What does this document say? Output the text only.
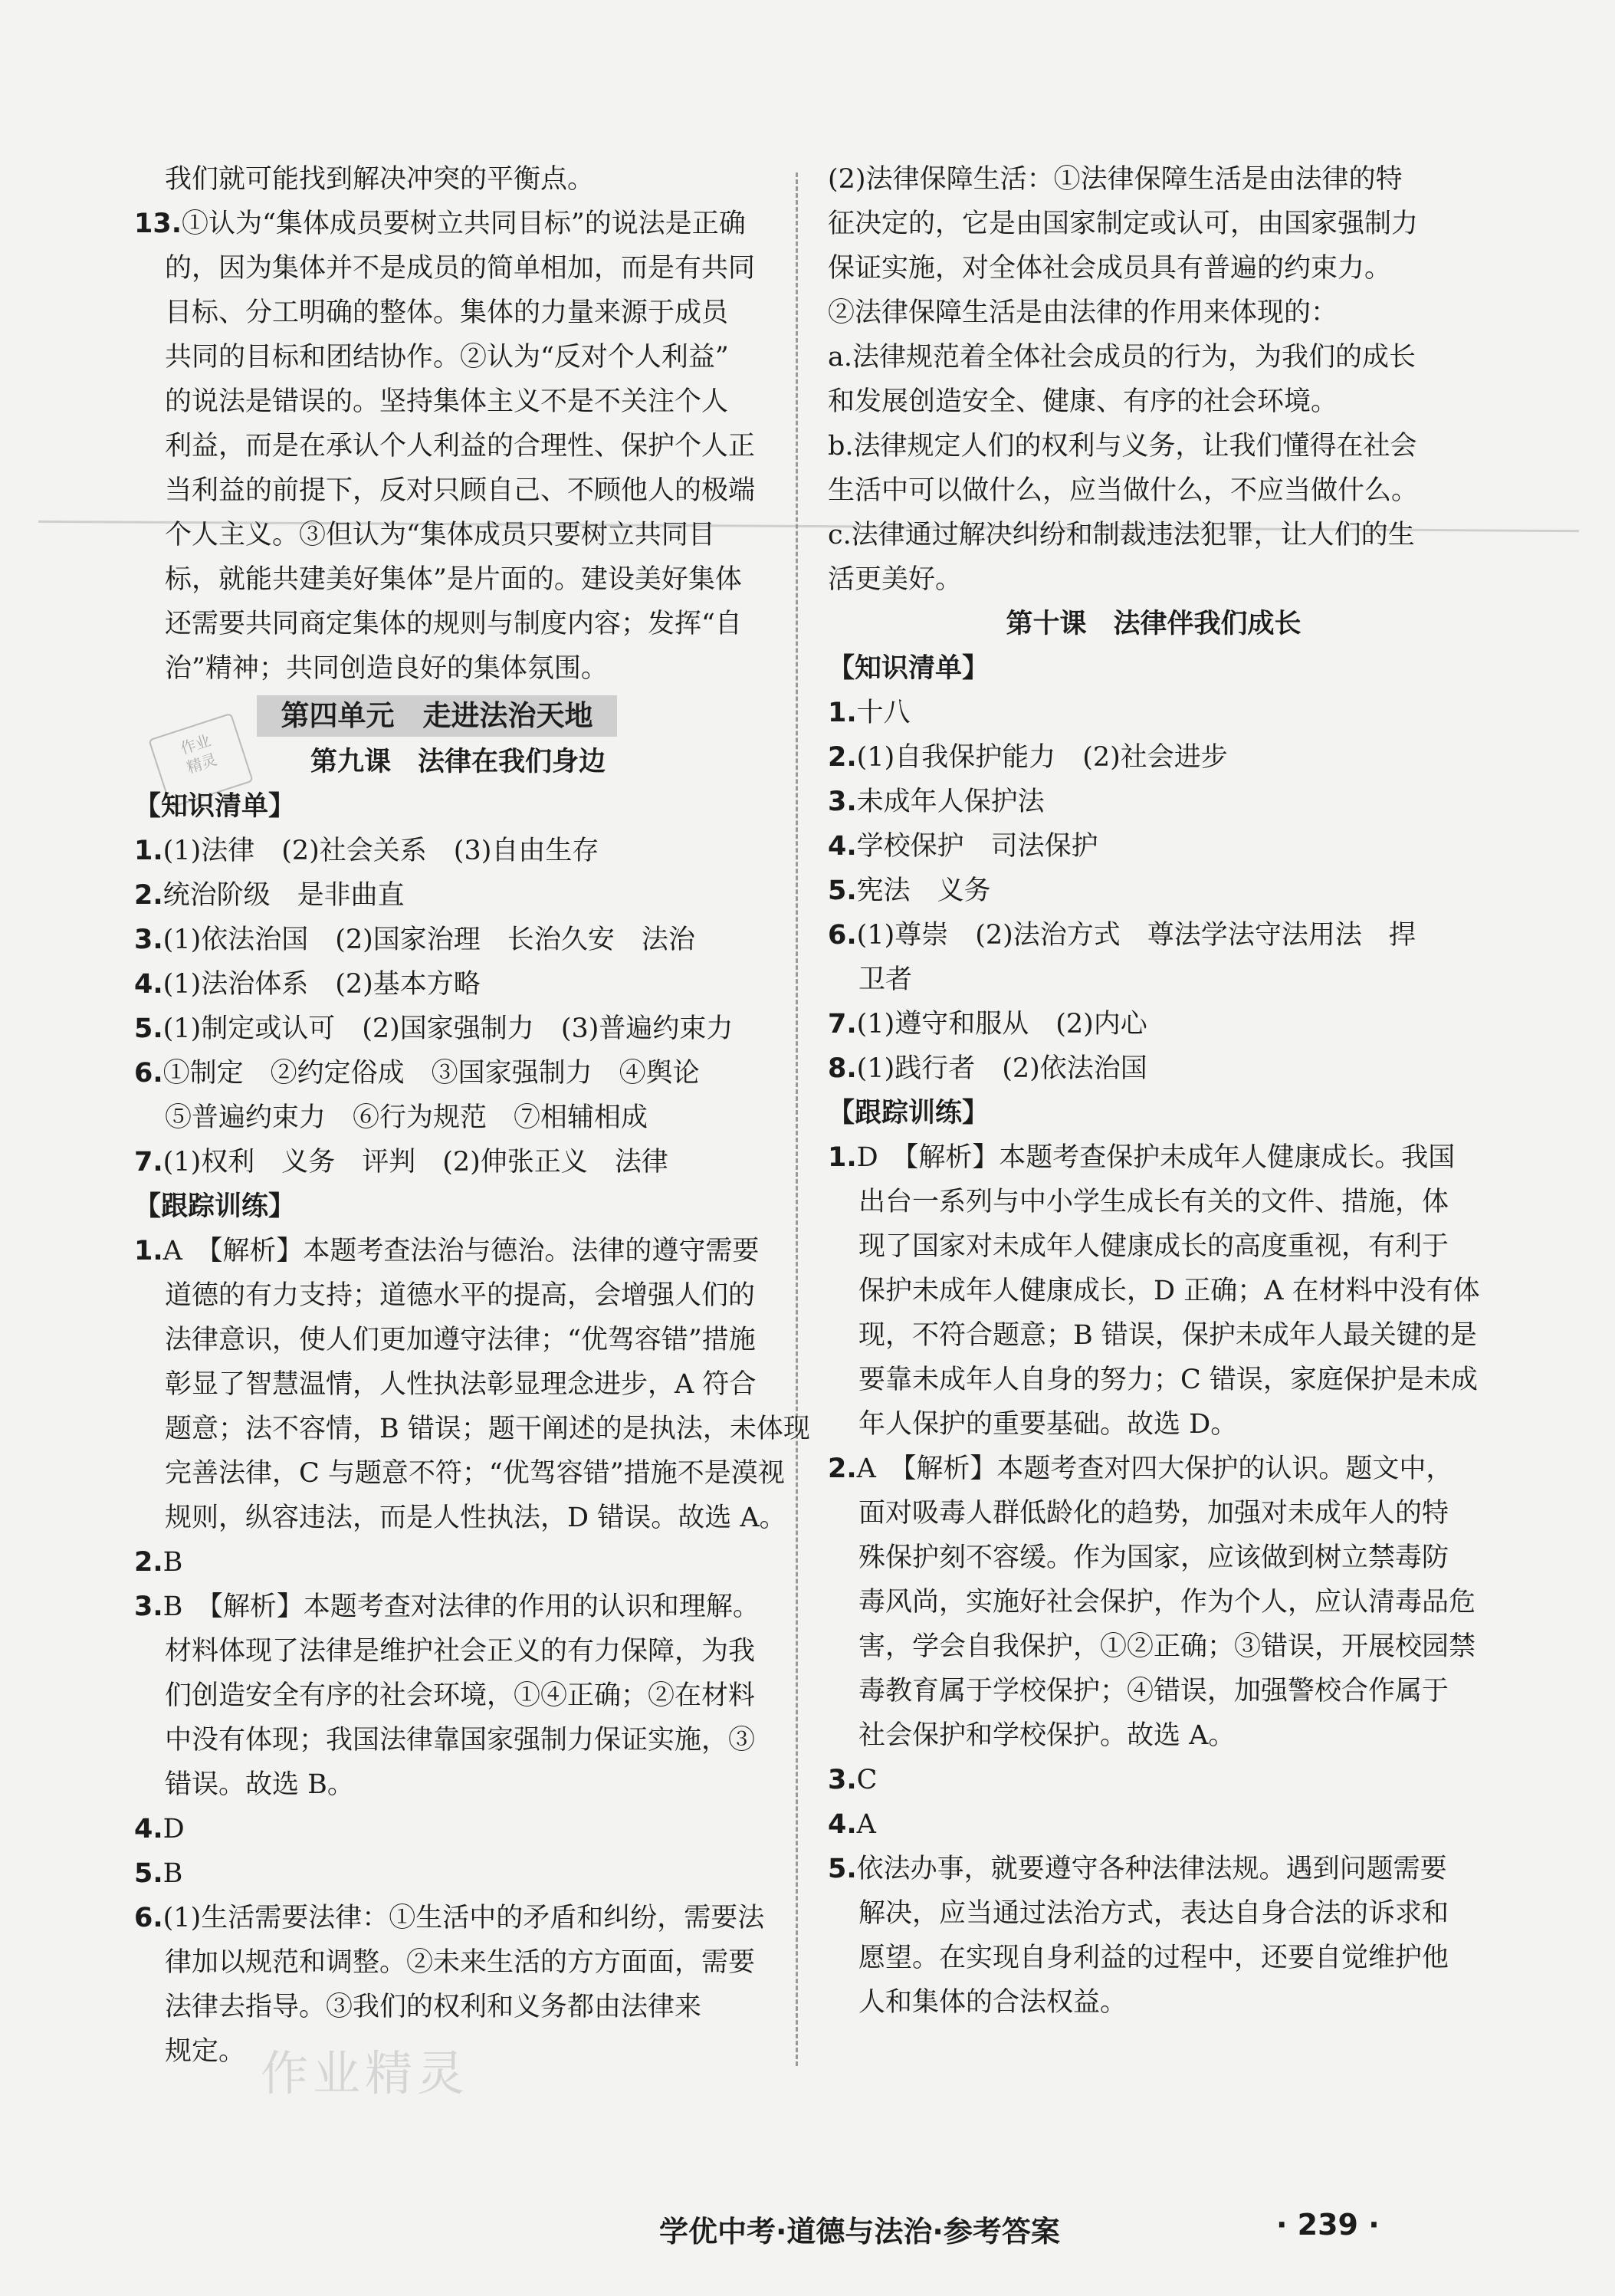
作业
精灵
作业精灵
我们就可能找到解决冲突的平衡点。
13.①认为“集体成员要树立共同目标”的说法是正确
的，因为集体并不是成员的简单相加，而是有共同
目标、分工明确的整体。集体的力量来源于成员
共同的目标和团结协作。②认为“反对个人利益”
的说法是错误的。坚持集体主义不是不关注个人
利益，而是在承认个人利益的合理性、保护个人正
当利益的前提下，反对只顾自己、不顾他人的极端
个人主义。③但认为“集体成员只要树立共同目
标，就能共建美好集体”是片面的。建设美好集体
还需要共同商定集体的规则与制度内容；发挥“自
治”精神；共同创造良好的集体氛围。
第四单元　走进法治天地
第九课　法律在我们身边
【知识清单】
1.(1)法律　(2)社会关系　(3)自由生存
2.统治阶级　是非曲直
3.(1)依法治国　(2)国家治理　长治久安　法治
4.(1)法治体系　(2)基本方略
5.(1)制定或认可　(2)国家强制力　(3)普遍约束力
6.①制定　②约定俗成　③国家强制力　④舆论
⑤普遍约束力　⑥行为规范　⑦相辅相成
7.(1)权利　义务　评判　(2)伸张正义　法律
【跟踪训练】
1.A　【解析】本题考查法治与德治。法律的遵守需要
道德的有力支持；道德水平的提高，会增强人们的
法律意识，使人们更加遵守法律；“优驾容错”措施
彰显了智慧温情，人性执法彰显理念进步，A 符合
题意；法不容情，B 错误；题干阐述的是执法，未体现
完善法律，C 与题意不符；“优驾容错”措施不是漠视
规则，纵容违法，而是人性执法，D 错误。故选 A。
2.B
3.B　【解析】本题考查对法律的作用的认识和理解。
材料体现了法律是维护社会正义的有力保障，为我
们创造安全有序的社会环境，①④正确；②在材料
中没有体现；我国法律靠国家强制力保证实施，③
错误。故选 B。
4.D
5.B
6.(1)生活需要法律：①生活中的矛盾和纠纷，需要法
律加以规范和调整。②未来生活的方方面面，需要
法律去指导。③我们的权利和义务都由法律来
规定。
(2)法律保障生活：①法律保障生活是由法律的特
征决定的，它是由国家制定或认可，由国家强制力
保证实施，对全体社会成员具有普遍的约束力。
②法律保障生活是由法律的作用来体现的：
a.法律规范着全体社会成员的行为，为我们的成长
和发展创造安全、健康、有序的社会环境。
b.法律规定人们的权利与义务，让我们懂得在社会
生活中可以做什么，应当做什么，不应当做什么。
c.法律通过解决纠纷和制裁违法犯罪，让人们的生
活更美好。
第十课　法律伴我们成长
【知识清单】
1.十八
2.(1)自我保护能力　(2)社会进步
3.未成年人保护法
4.学校保护　司法保护
5.宪法　义务
6.(1)尊崇　(2)法治方式　尊法学法守法用法　捍
卫者
7.(1)遵守和服从　(2)内心
8.(1)践行者　(2)依法治国
【跟踪训练】
1.D　【解析】本题考查保护未成年人健康成长。我国
出台一系列与中小学生成长有关的文件、措施，体
现了国家对未成年人健康成长的高度重视，有利于
保护未成年人健康成长，D 正确；A 在材料中没有体
现，不符合题意；B 错误，保护未成年人最关键的是
要靠未成年人自身的努力；C 错误，家庭保护是未成
年人保护的重要基础。故选 D。
2.A　【解析】本题考查对四大保护的认识。题文中，
面对吸毒人群低龄化的趋势，加强对未成年人的特
殊保护刻不容缓。作为国家，应该做到树立禁毒防
毒风尚，实施好社会保护，作为个人，应认清毒品危
害，学会自我保护，①②正确；③错误，开展校园禁
毒教育属于学校保护；④错误，加强警校合作属于
社会保护和学校保护。故选 A。
3.C
4.A
5.依法办事，就要遵守各种法律法规。遇到问题需要
解决，应当通过法治方式，表达自身合法的诉求和
愿望。在实现自身利益的过程中，还要自觉维护他
人和集体的合法权益。
学优中考·道德与法治·参考答案	· 239 ·
